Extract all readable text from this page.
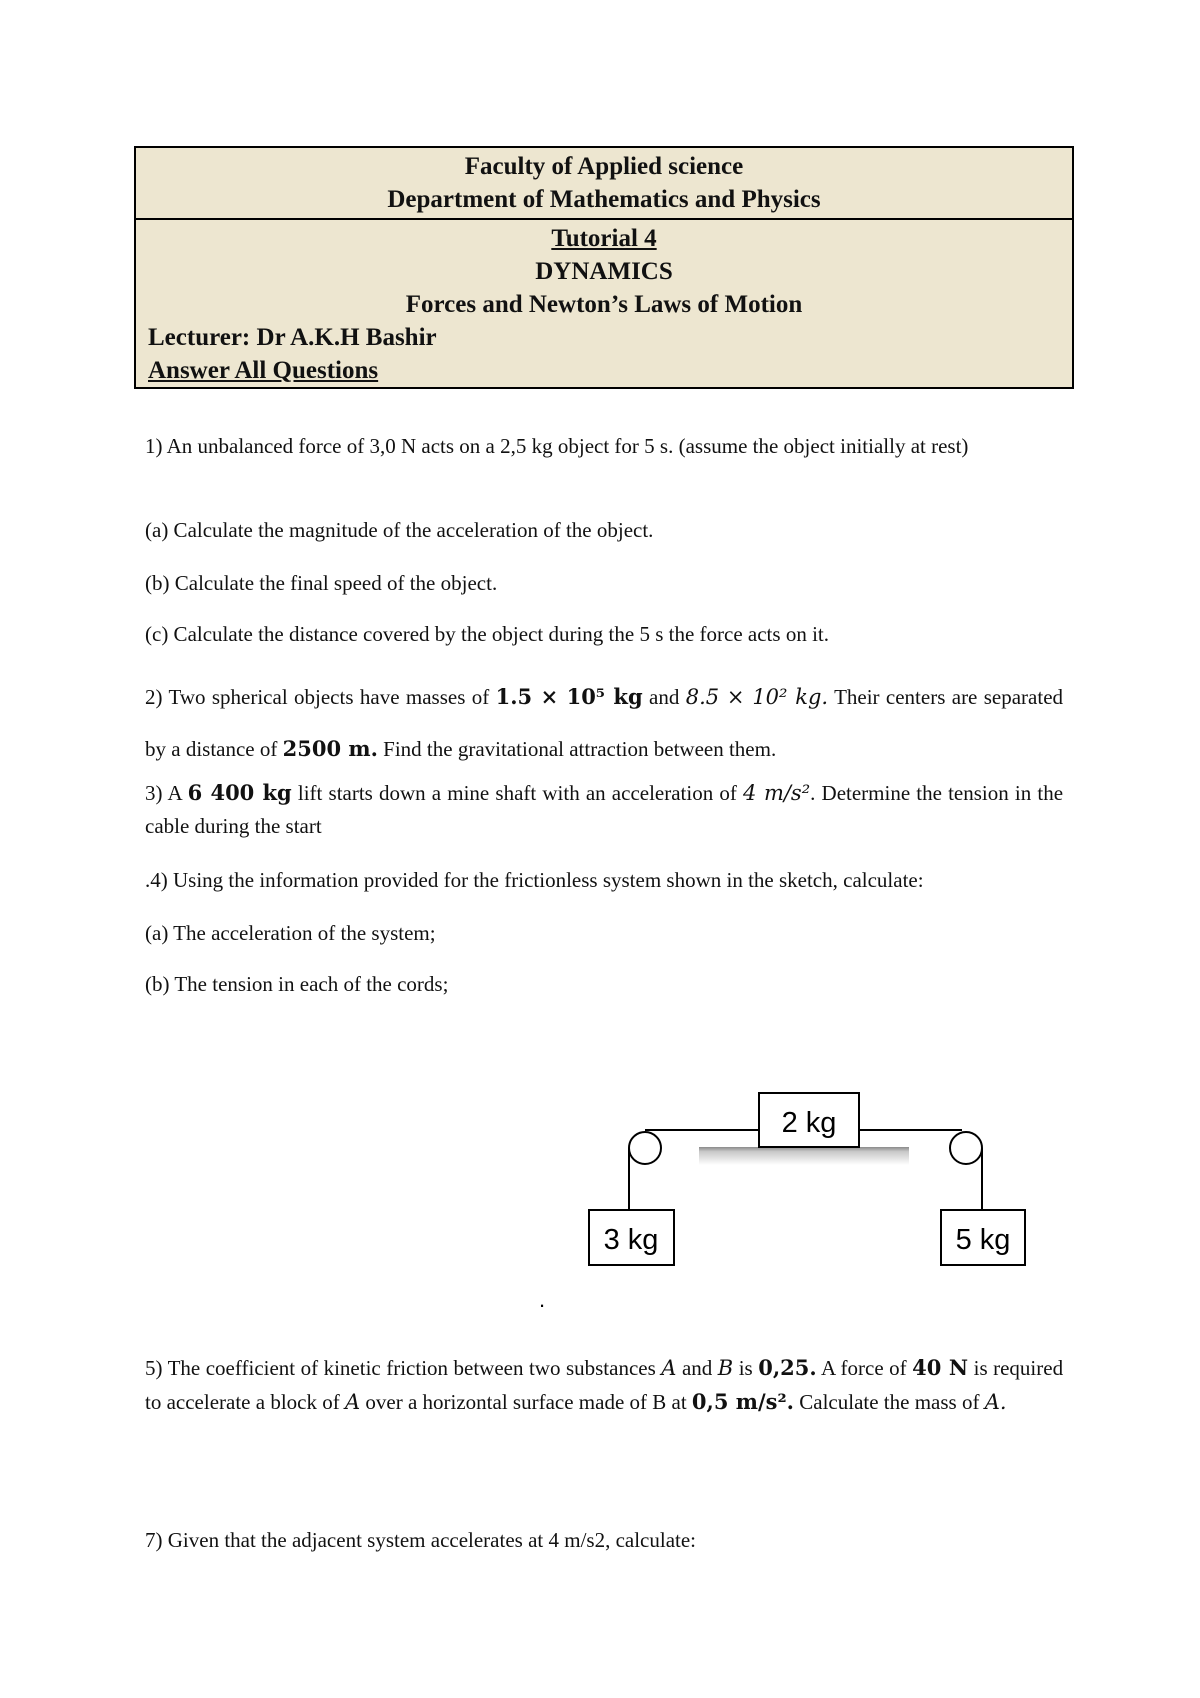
Faculty of Applied science
Department of Mathematics and Physics
Tutorial 4
DYNAMICS
Forces and Newton’s Laws of Motion
Lecturer: Dr A.K.H Bashir
Answer All Questions
1) An unbalanced force of 3,0 N acts on a 2,5 kg object for 5 s. (assume the object initially at rest)
(a) Calculate the magnitude of the acceleration of the object.
(b) Calculate the final speed of the object.
(c) Calculate the distance covered by the object during the 5 s the force acts on it.
2) Two spherical objects have masses of 1.5 × 10⁵ kg and 8.5 × 10² kg. Their centers are separated by a distance of 2500 m. Find the gravitational attraction between them.
3) A 6 400 kg lift starts down a mine shaft with an acceleration of 4 m/s². Determine the tension in the cable during the start
.4) Using the information provided for the frictionless system shown in the sketch, calculate:
(a) The acceleration of the system;
(b) The tension in each of the cords;
2 kg
3 kg	5 kg
.
5) The coefficient of kinetic friction between two substances A and B is 0,25. A force of 40 N is required to accelerate a block of A over a horizontal surface made of B at 0,5 m/s². Calculate the mass of A.
7) Given that the adjacent system accelerates at 4 m/s2, calculate:
